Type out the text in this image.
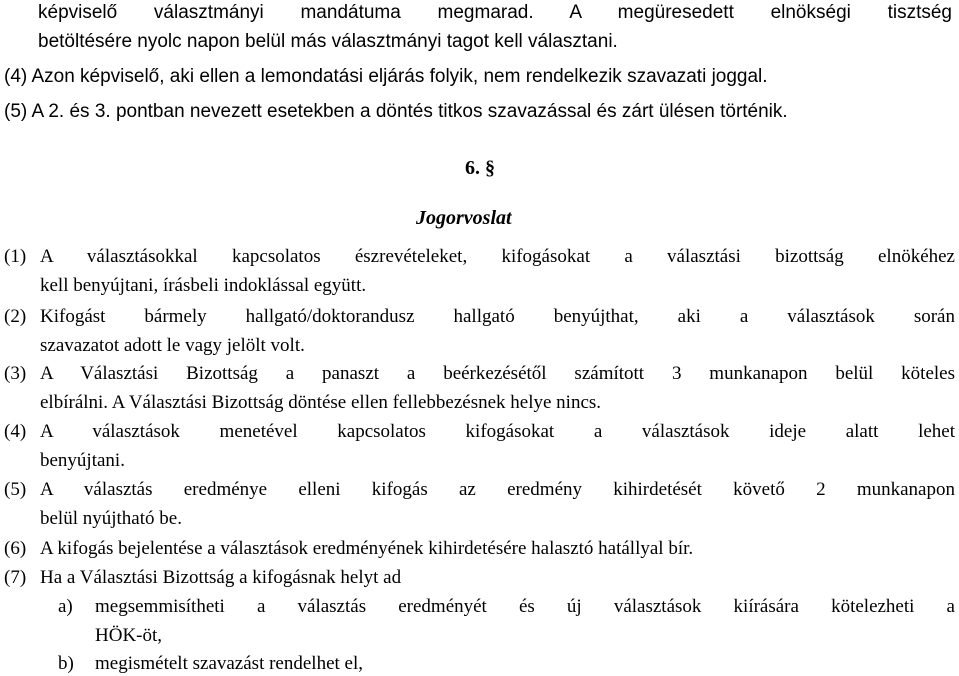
képviselő választmányi mandátuma megmarad. A megüresedett elnökségi tisztség
betöltésére nyolc napon belül más választmányi tagot kell választani.
(4) Azon képviselő, aki ellen a lemondatási eljárás folyik, nem rendelkezik szavazati joggal.
(5) A 2. és 3. pontban nevezett esetekben a döntés titkos szavazással és zárt ülésen történik.
6. §
Jogorvoslat
(1) A választásokkal kapcsolatos észrevételeket, kifogásokat a választási bizottság elnökéhez
kell benyújtani, írásbeli indoklással együtt.
(2) Kifogást bármely hallgató/doktorandusz hallgató benyújthat, aki a választások során
szavazatot adott le vagy jelölt volt.
(3) A Választási Bizottság a panaszt a beérkezésétől számított 3 munkanapon belül köteles
elbírálni. A Választási Bizottság döntése ellen fellebbezésnek helye nincs.
(4) A választások menetével kapcsolatos kifogásokat a választások ideje alatt lehet
benyújtani.
(5) A választás eredménye elleni kifogás az eredmény kihirdetését követő 2 munkanapon
belül nyújtható be.
(6) A kifogás bejelentése a választások eredményének kihirdetésére halasztó hatállyal bír.
(7) Ha a Választási Bizottság a kifogásnak helyt ad
a) megsemmisítheti a választás eredményét és új választások kiírására kötelezheti a
HÖK-öt,
b) megismételt szavazást rendelhet el,
